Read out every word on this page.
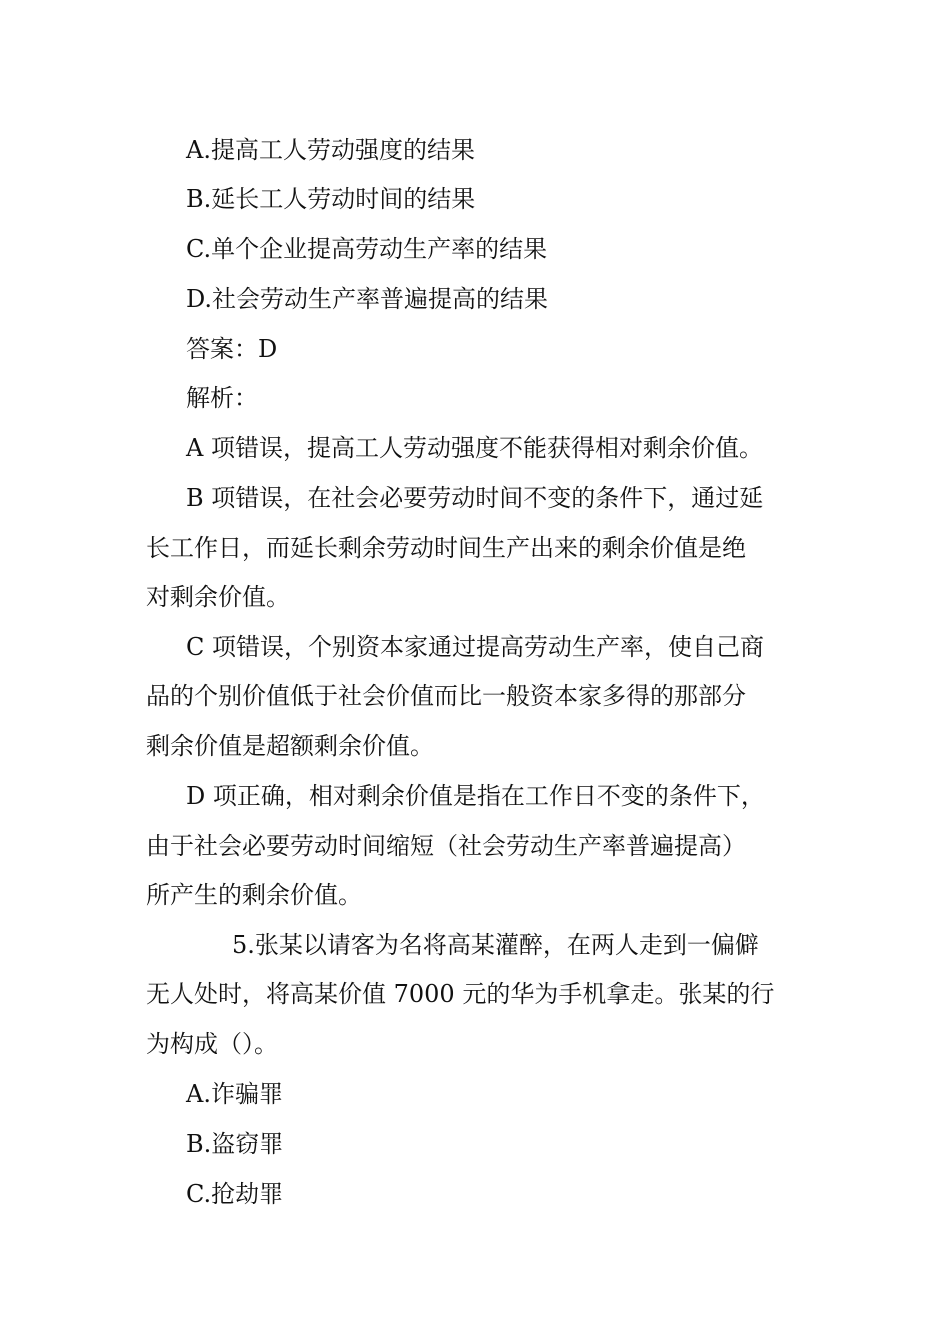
A.提高工人劳动强度的结果
B.延长工人劳动时间的结果
C.单个企业提高劳动生产率的结果
D.社会劳动生产率普遍提高的结果
答案：D
解析：
A 项错误，提高工人劳动强度不能获得相对剩余价值。
B 项错误，在社会必要劳动时间不变的条件下，通过延
长工作日，而延长剩余劳动时间生产出来的剩余价值是绝
对剩余价值。
C 项错误，个别资本家通过提高劳动生产率，使自己商
品的个别价值低于社会价值而比一般资本家多得的那部分
剩余价值是超额剩余价值。
D 项正确，相对剩余价值是指在工作日不变的条件下，
由于社会必要劳动时间缩短（社会劳动生产率普遍提高）
所产生的剩余价值。
5.张某以请客为名将高某灌醉，在两人走到一偏僻
无人处时，将高某价值 7000 元的华为手机拿走。张某的行
为构成（）。
A.诈骗罪
B.盗窃罪
C.抢劫罪
